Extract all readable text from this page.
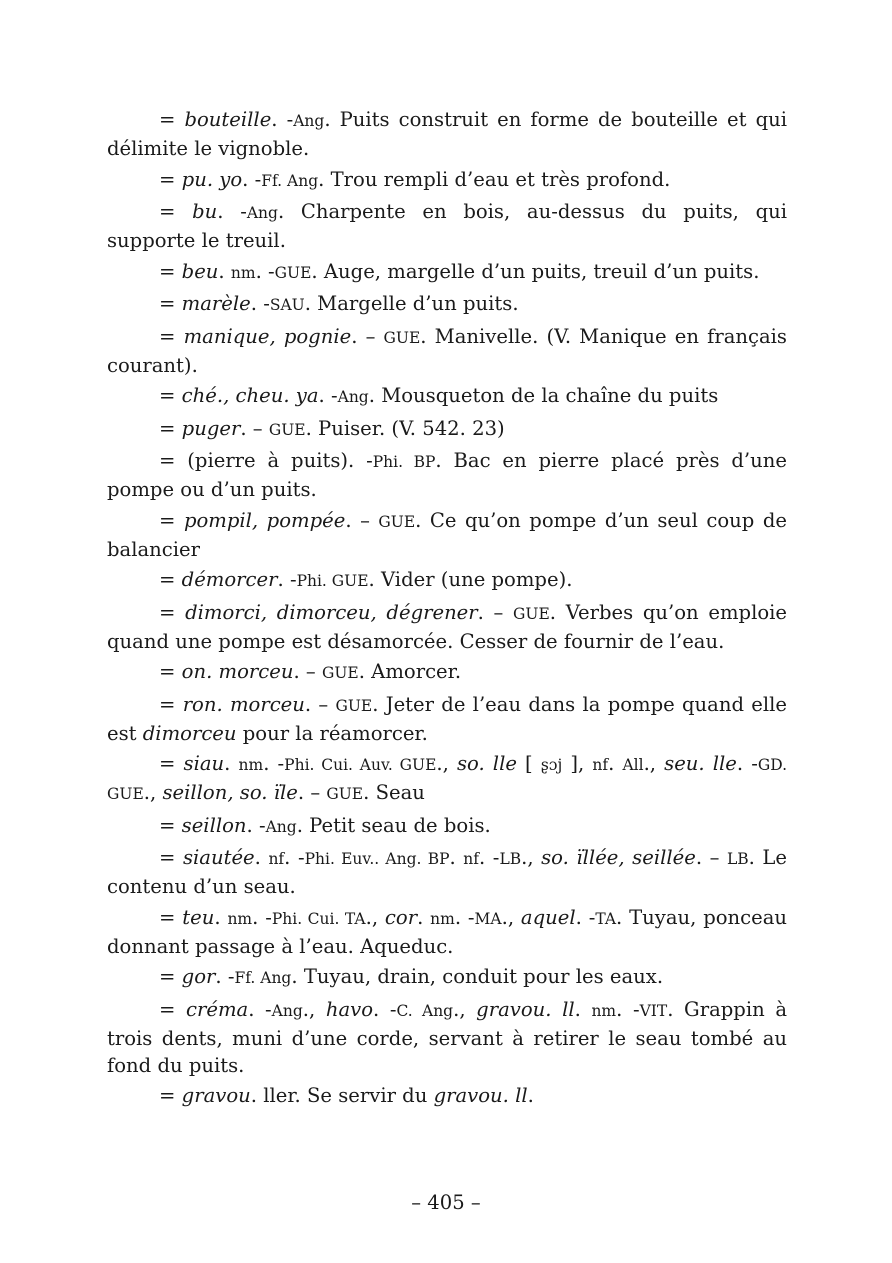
= bouteille. -Ang. Puits construit en forme de bouteille et qui délimite le vignoble.

= pu. yo. -Ff. Ang. Trou rempli d’eau et très profond.

= bu. -Ang. Charpente en bois, au-dessus du puits, qui supporte le treuil.

= beu. nm. -GUE. Auge, margelle d’un puits, treuil d’un puits.

= marèle. -SAU. Margelle d’un puits.

= manique, pognie. – GUE. Manivelle. (V. Manique en français courant).

= ché., cheu. ya. -Ang. Mousqueton de la chaîne du puits

= puger. – GUE. Puiser. (V. 542. 23)

= (pierre à puits). -Phi. BP. Bac en pierre placé près d’une pompe ou d’un puits.

= pompil, pompée. – GUE. Ce qu’on pompe d’un seul coup de balancier

= démorcer. -Phi. GUE. Vider (une pompe).

= dimorci, dimorceu, dégrener. – GUE. Verbes qu’on emploie quand une pompe est désamorcée. Cesser de fournir de l’eau.

= on. morceu. – GUE. Amorcer.

= ron. morceu. – GUE. Jeter de l’eau dans la pompe quand elle est dimorceu pour la réamorcer.

= siau. nm. -Phi. Cui. Auv. GUE., so. lle [ ʂɔj ], nf. All., seu. lle. -GD. GUE., seillon, so. ïle. – GUE. Seau

= seillon. -Ang. Petit seau de bois.

= siautée. nf. -Phi. Euv.. Ang. BP. nf. -LB., so. ïllée, seillée. – LB. Le contenu d’un seau.

= teu. nm. -Phi. Cui. TA., cor. nm. -MA., aquel. -TA. Tuyau, ponceau donnant passage à l’eau. Aqueduc.

= gor. -Ff. Ang. Tuyau, drain, conduit pour les eaux.

= créma. -Ang., havo. -C. Ang., gravou. ll. nm. -VIT. Grappin à trois dents, muni d’une corde, servant à retirer le seau tombé au fond du puits.

= gravou. ller. Se servir du gravou. ll.

– 405 –
